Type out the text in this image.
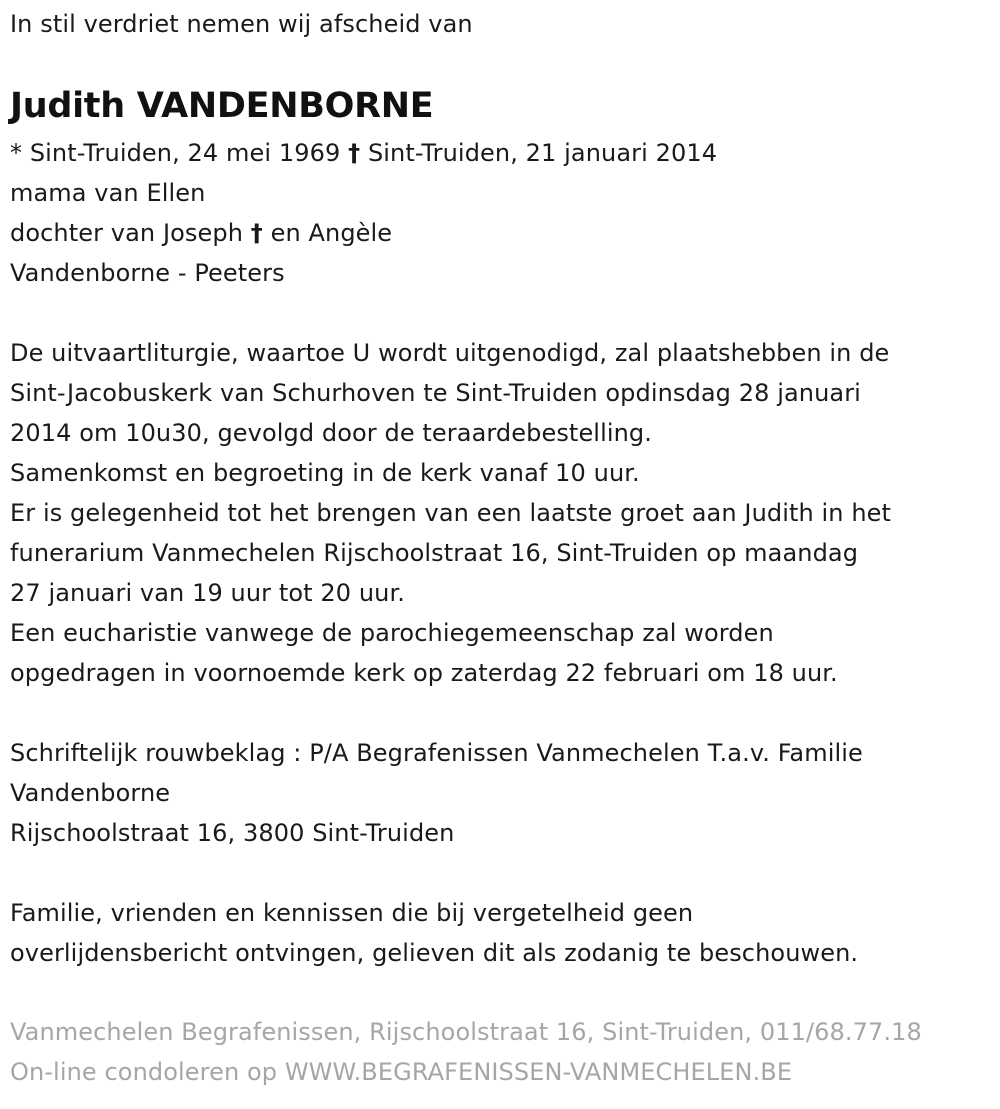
In stil verdriet nemen wij afscheid van
Judith VANDENBORNE
* Sint-Truiden, 24 mei 1969 † Sint-Truiden, 21 januari 2014
mama van Ellen
dochter van Joseph † en Angèle
Vandenborne - Peeters
De uitvaartliturgie, waartoe U wordt uitgenodigd, zal plaatshebben in de
Sint-Jacobuskerk van Schurhoven te Sint-Truiden opdinsdag 28 januari
2014 om 10u30, gevolgd door de teraardebestelling.
Samenkomst en begroeting in de kerk vanaf 10 uur.
Er is gelegenheid tot het brengen van een laatste groet aan Judith in het
funerarium Vanmechelen Rijschoolstraat 16, Sint-Truiden op maandag
27 januari van 19 uur tot 20 uur.
Een eucharistie vanwege de parochiegemeenschap zal worden
opgedragen in voornoemde kerk op zaterdag 22 februari om 18 uur.
Schriftelijk rouwbeklag : P/A Begrafenissen Vanmechelen T.a.v. Familie
Vandenborne
Rijschoolstraat 16, 3800 Sint-Truiden
Familie, vrienden en kennissen die bij vergetelheid geen
overlijdensbericht ontvingen, gelieven dit als zodanig te beschouwen.
Vanmechelen Begrafenissen, Rijschoolstraat 16, Sint-Truiden, 011/68.77.18
On-line condoleren op WWW.BEGRAFENISSEN-VANMECHELEN.BE
